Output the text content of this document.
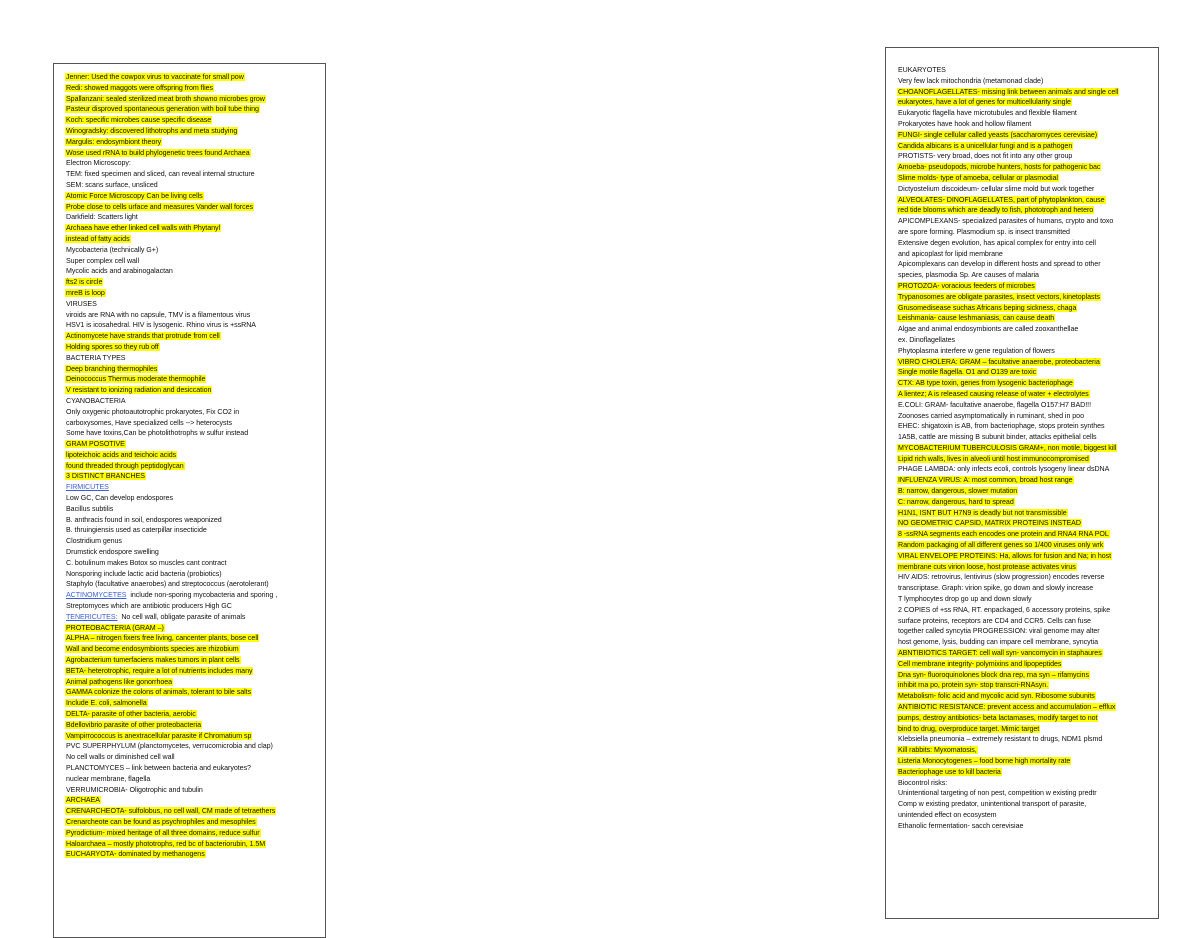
Jenner: Used the cowpox virus to vaccinate for small pow
Redi: showed maggots were offspring from flies
Spallanzani: sealed sterilized meat broth showno microbes grow
Pasteur disproved spontaneous generation with boil tube thing
Koch: specific microbes cause specific disease
Winogradsky: discovered lithotrophs and meta studying
Margulis: endosymbiont theory
Wose used rRNA to build phylogenetic trees found Archaea
Electron Microscopy:
TEM: fixed specimen and sliced, can reveal internal structure
SEM: scans surface, unsliced
Atomic Force Microscopy Can be living cells
Probe close to cells urface and measures Vander wall forces
Darkfield: Scatters light
Archaea have ether linked cell walls with Phytanyl
instead of fatty acids
Mycobacteria (technically G+)
Super complex cell wall
Mycolic acids and arabinogalactan
fts2 is circle
mreB is loop
VIRUSES
viroids are RNA with no capsule, TMV is a filamentous virus
HSV1 is icosahedral. HIV is lysogenic. Rhino virus is +ssRNA
Actinomycete have strands that protrude from cell
Holding spores so they rub off
BACTERIA TYPES
Deep branching thermophiles
Deinococcus Thermus moderate thermophile
V resistant to ionizing radiation and desiccation
CYANOBACTERIA
Only oxygenic photoautotrophic prokaryotes, Fix CO2 in
carboxysomes, Have specialized cells --> heterocysts
Some have toxins,Can be photolithotrophs w sulfur instead
GRAM POSOTIVE
lipoteichoic acids and teichoic acids
found threaded through peptidoglycan
3 DISTINCT BRANCHES
FIRMICUTES
Low GC, Can develop endospores
Bacillus subtilis
B. anthracis found in soil, endospores weaponized
B. thruingiensis used as caterpillar insecticide
Clostridium genus
Drumstick endospore swelling
C. botulinum makes Botox so muscles cant contract
Nonsporing include lactic acid bacteria (probiotics)
Staphylo (facultative anaerobes) and streptococcus (aerotolerant)
ACTINOMYCETES include non-sporing mycobacteria and sporing ,
Streptomyces which are antibiotic producers High GC
TENERICUTES: No cell wall, obligate parasite of animals
PROTEOBACTERIA (GRAM –)
ALPHA – nitrogen fixers free living, cancenter plants, bose cell
Wall and become endosymbionts species are rhizobium
Agrobacterium tumerfaciens makes tumors in plant cells
BETA- heterotrophic, require a lot of nutrients includes many
Animal pathogens like gonorrhoea
GAMMA colonize the colons of animals, tolerant to bile salts
Include E. coli, salmonella
DELTA- parasite of other bacteria, aerobic
Bdellovibrio parasite of other proteobacteria
Vampirrococcus is anextracellular parasite if Chromatium sp
PVC SUPERPHYLUM (planctomycetes, verrucomicrobia and clap)
No cell walls or diminished cell wall
PLANCTOMYCES – link between bacteria and eukaryotes?
nuclear membrane, flagella
VERRUMICROBIA- Oligotrophic and tubulin
ARCHAEA
CRENARCHEOTA- sulfolobus, no cell wall, CM made of tetraethers
Crenarcheote can be found as psychrophiles and mesophiles
Pyrodictium- mixed heritage of all three domains, reduce sulfur
Haloarchaea – mostly phototrophs, red bc of bacteriorubin, 1.5M
EUCHARYOTA- dominated by methanogens
EUKARYOTES
Very few lack mitochondria (metamonad clade)
CHOANOFLAGELLATES- missing link between animals and single cell
eukaryotes, have a lot of genes for multicellularity single
Eukaryotic flagella have microtubules and flexible filament
Prokaryotes have hook and hollow filament
FUNGI- single cellular called yeasts (saccharomyces cerevisiae)
Candida albicans is a unicellular fungi and is a pathogen
PROTISTS- very broad, does not fit into any other group
Amoeba- pseudopods, microbe hunters, hosts for pathogenic bac
Slime molds- type of amoeba, cellular or plasmodial
Dictyostelium discoideum- cellular slime mold but work together
ALVEOLATES- DINOFLAGELLATES, part of phytoplankton, cause
red tide blooms which are deadly to fish, phototroph and hetero
APICOMPLEXANS- specialized parasites of humans, crypto and toxo
are spore forming. Plasmodium sp. is insect transmitted
Extensive degen evolution, has apical complex for entry into cell
and apicoplast for lipid membrane
Apicomplexans can develop in different hosts and spread to other
species, plasmodia Sp. Are causes of malaria
PROTOZOA- voracious feeders of microbes
Trypanosomes are obligate parasites, insect vectors, kinetoplasts
Grusomedisease suchas Africans beping sickness, chaga
Leishmania- cause leshmaniasis, can cause death
Algae and animal endosymbionts are called zooxanthellae
ex. Dinoflagellates
Phytoplasma interfere w gene regulation of flowers
VIBRO CHOLERA: GRAM – facultative anaerobe, proteobacteria
Single motile flagella. O1 and O139 are toxic
CTX: AB type toxin, genes from lysogenic bacteriophage
A lientez; A is released causing release of water + electrolytes
E.COLI: GRAM- facultative anaerobe, flagella O157:H7 BAD!!!
Zoonoses carried asymptomatically in ruminant, shed in poo
EHEC: shigatoxin is AB, from bacteriophage, stops protein synthes
1A5B, cattle are missing B subunit binder, attacks epithelial cells
MYCOBACTERIUM TUBERCULOSIS GRAM+, non motile, biggest kill
Lipid rich walls, lives in alveoli until host immunocompromised
PHAGE LAMBDA: only infects ecoli, controls lysogeny linear dsDNA
INFLUENZA VIRUS: A: most common, broad host range
B: narrow, dangerous, slower mutation
C: narrow, dangerous, hard to spread
H1N1, ISNT BUT H7N9 is deadly but not transmissible
NO GEOMETRIC CAPSID, MATRIX PROTEINS INSTEAD
8 -ssRNA segments each encodes one protein and RNA4 RNA POL
Random packaging of all different genes so 1/400 viruses only wrk
VIRAL ENVELOPE PROTEINS: Ha, allows for fusion and Na; in host
membrane cuts virion loose, host protease activates virus
HIV AIDS: retrovirus, lentivirus (slow progression) encodes reverse
transcriptase. Graph: virion spike, go down and slowly increase
T lymphocytes drop go up and down slowly
2 COPIES of +ss RNA, RT. enpackaged, 6 accessory proteins, spike
surface proteins, receptors are CD4 and CCR5. Cells can fuse
together called syncytia PROGRESSION: viral genome may alter
host genome, lysis, budding can impare cell membrane, syncytia
ABNTIBIOTICS TARGET: cell wall syn- vancomycin in staphaures
Cell membrane integrity- polymixins and lipopeptides
Dna syn- fluoroquinolones block dna rep, rna syn – rifamycins
inhibit rna po, protein syn- stop transcri-RNAsyn.
Metabolism- folic acid and mycolic acid syn. Ribosome subunits
ANTIBIOTIC RESISTANCE: prevent access and accumulation – efflux
pumps, destroy antibiotics- beta lactamases, modify target to not
bind to drug, overproduce target. Mimic target
Klebsiella pneumonia – extremely resistant to drugs, NDM1 plsmd
Kill rabbits: Myxomatosis,
Listeria Monocytogenes – food borne high mortality rate
Bacteriophage use to kill bacteria
Biocontrol risks:
Unintentional targeting of non pest, competition w existing predtr
Comp w existing predator, unintentional transport of parasite,
unintended effect on ecosystem
Ethanolic fermentation- sacch cerevisiae
